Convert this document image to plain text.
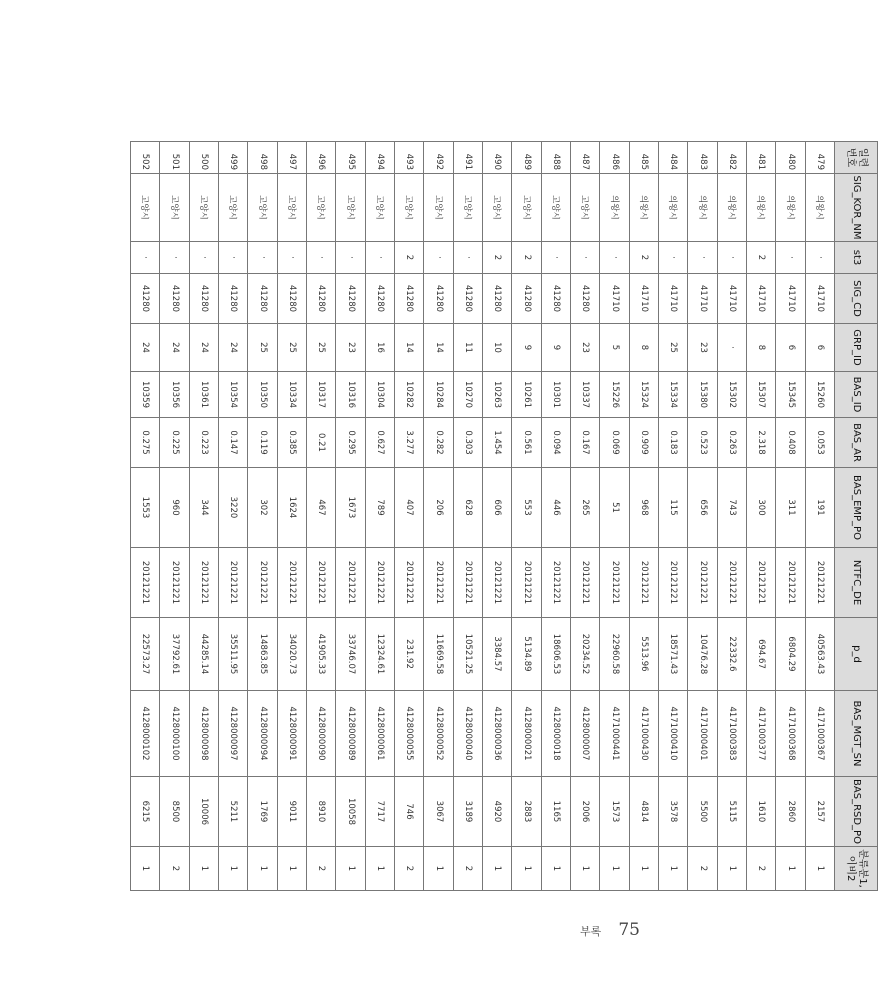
일련
번호	SIG_KOR_NM	st3	SIG_CD	GRP_ID	BAS_ID	BAS_AR	BAS_EMP_PO	NTFC_DE	p_d	BAS_MGT_SN	BAS_RSD_PO	분류분1,
이비2
479	의왕시	·	41710	6	15260	0.053	191	20121221	40563.43	4171000367	2157	1
480	의왕시	·	41710	6	15345	0.408	311	20121221	6804.29	4171000368	2860	1
481	의왕시	2	41710	8	15307	2.318	300	20121221	694.67	4171000377	1610	2
482	의왕시	·	41710	·	15302	0.263	743	20121221	22332.6	4171000383	5115	1
483	의왕시	·	41710	23	15380	0.523	656	20121221	10476.28	4171000401	5500	2
484	의왕시	·	41710	25	15334	0.183	115	20121221	18571.43	4171000410	3578	1
485	의왕시	2	41710	8	15324	0.909	968	20121221	5513.96	4171000430	4814	1
486	의왕시	·	41710	5	15226	0.069	51	20121221	22960.58	4171000441	1573	1
487	고양시	·	41280	23	10337	0.167	265	20121221	20234.52	4128000007	2006	1
488	고양시	·	41280	9	10301	0.094	446	20121221	18606.53	4128000018	1165	1
489	고양시	2	41280	9	10261	0.561	553	20121221	5134.89	4128000021	2883	1
490	고양시	2	41280	10	10263	1.454	606	20121221	3384.57	4128000036	4920	1
491	고양시	·	41280	11	10270	0.303	628	20121221	10521.25	4128000040	3189	2
492	고양시	·	41280	14	10284	0.282	206	20121221	11669.58	4128000052	3067	1
493	고양시	2	41280	14	10282	3.277	407	20121221	231.92	4128000055	746	2
494	고양시	·	41280	16	10304	0.627	789	20121221	12324.61	4128000061	7717	1
495	고양시	·	41280	23	10316	0.295	1673	20121221	33746.07	4128000089	10058	1
496	고양시	·	41280	25	10317	0.21	467	20121221	41905.33	4128000090	8910	2
497	고양시	·	41280	25	10334	0.385	1624	20121221	34020.73	4128000091	9011	1
498	고양시	·	41280	25	10350	0.119	302	20121221	14863.85	4128000094	1769	1
499	고양시	·	41280	24	10354	0.147	3220	20121221	35511.95	4128000097	5211	1
500	고양시	·	41280	24	10361	0.223	344	20121221	44285.14	4128000098	10006	1
501	고양시	·	41280	24	10356	0.225	960	20121221	37792.61	4128000100	8500	2
502	고양시	·	41280	24	10359	0.275	1553	20121221	22573.27	4128000102	6215	1
부록 75
